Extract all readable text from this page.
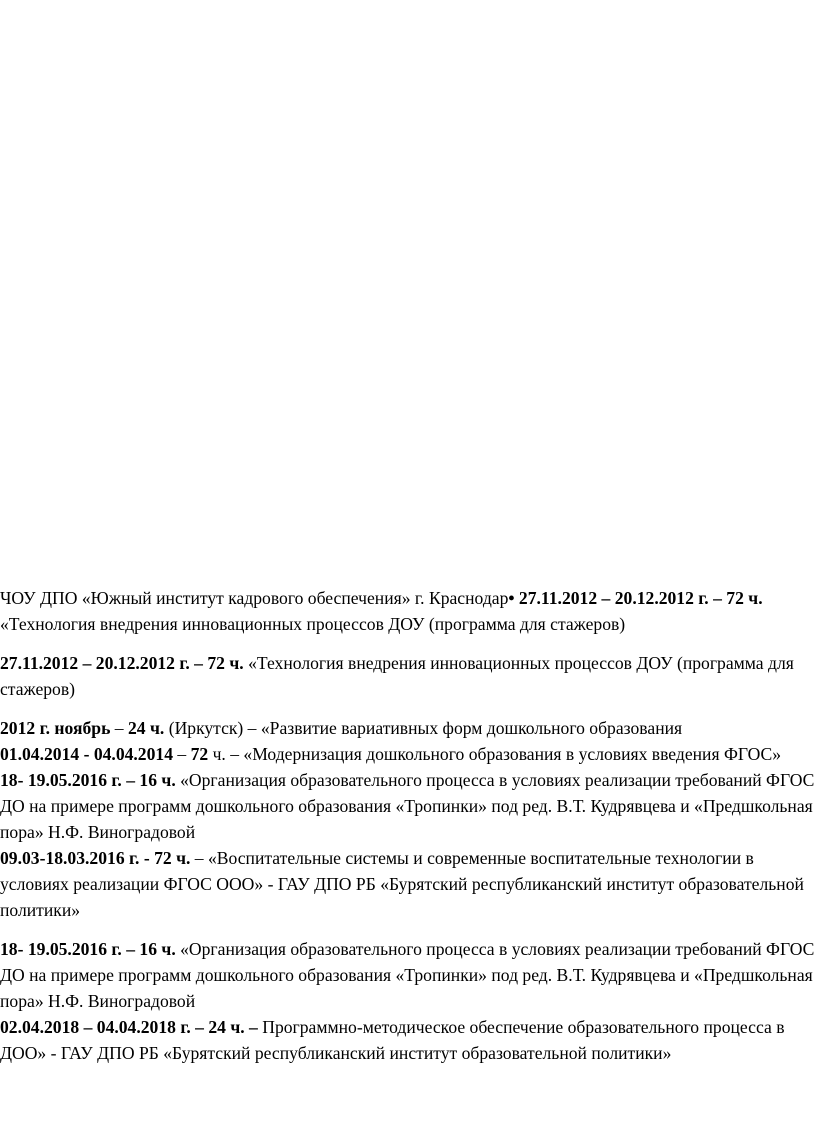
ЧОУ ДПО «Южный институт кадрового обеспечения» г. Краснодар• 27.11.2012 – 20.12.2012 г. – 72 ч. «Технология внедрения инновационных процессов ДОУ (программа для стажеров)

27.11.2012 – 20.12.2012 г. – 72 ч. «Технология внедрения инновационных процессов ДОУ (программа для стажеров)

2012 г. ноябрь – 24 ч. (Иркутск) – «Развитие вариативных форм дошкольного образования

01.04.2014 - 04.04.2014 – 72 ч. – «Модернизация дошкольного образования в условиях введения ФГОС»

18- 19.05.2016 г. – 16 ч. «Организация образовательного процесса в условиях реализации требований ФГОС ДО на примере программ дошкольного образования «Тропинки» под ред. В.Т. Кудрявцева и «Предшкольная пора» Н.Ф. Виноградовой

09.03-18.03.2016 г. - 72 ч. – «Воспитательные системы и современные воспитательные технологии в условиях реализации ФГОС ООО» - ГАУ ДПО РБ «Бурятский республиканский институт образовательной политики»

18- 19.05.2016 г. – 16 ч. «Организация образовательного процесса в условиях реализации требований ФГОС ДО на примере программ дошкольного образования «Тропинки» под ред. В.Т. Кудрявцева и «Предшкольная пора» Н.Ф. Виноградовой

02.04.2018 – 04.04.2018 г. – 24 ч. – Программно-методическое обеспечение образовательного процесса в ДОО» - ГАУ ДПО РБ «Бурятский республиканский институт образовательной политики»
